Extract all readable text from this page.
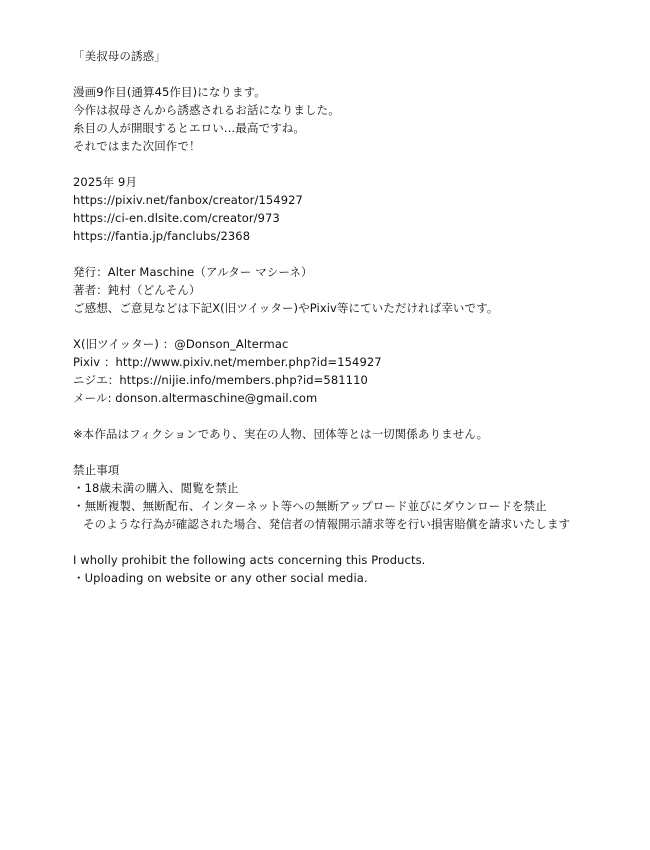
「美叔母の誘惑」
漫画9作目(通算45作目)になります。
今作は叔母さんから誘惑されるお話になりました。
糸目の人が開眼するとエロい…最高ですね。
それではまた次回作で！
2025年 9月
https://pixiv.net/fanbox/creator/154927
https://ci-en.dlsite.com/creator/973
https://fantia.jp/fanclubs/2368
発行：Alter Maschine（アルター マシーネ）
著者：鈍村（どんそん）
ご感想、ご意見などは下記X(旧ツイッター)やPixiv等にていただければ幸いです。
X(旧ツイッター) ：@Donson_Altermac
Pixiv ：http://www.pixiv.net/member.php?id=154927
ニジエ：https://nijie.info/members.php?id=581110
メール: donson.altermaschine@gmail.com
※本作品はフィクションであり、実在の人物、団体等とは一切関係ありません。
禁止事項
・18歳未満の購入、閲覧を禁止
・無断複製、無断配布、インターネット等への無断アップロード並びにダウンロードを禁止
そのような行為が確認された場合、発信者の情報開示請求等を行い損害賠償を請求いたします
I wholly prohibit the following acts concerning this Products.
・Uploading on website or any other social media.
